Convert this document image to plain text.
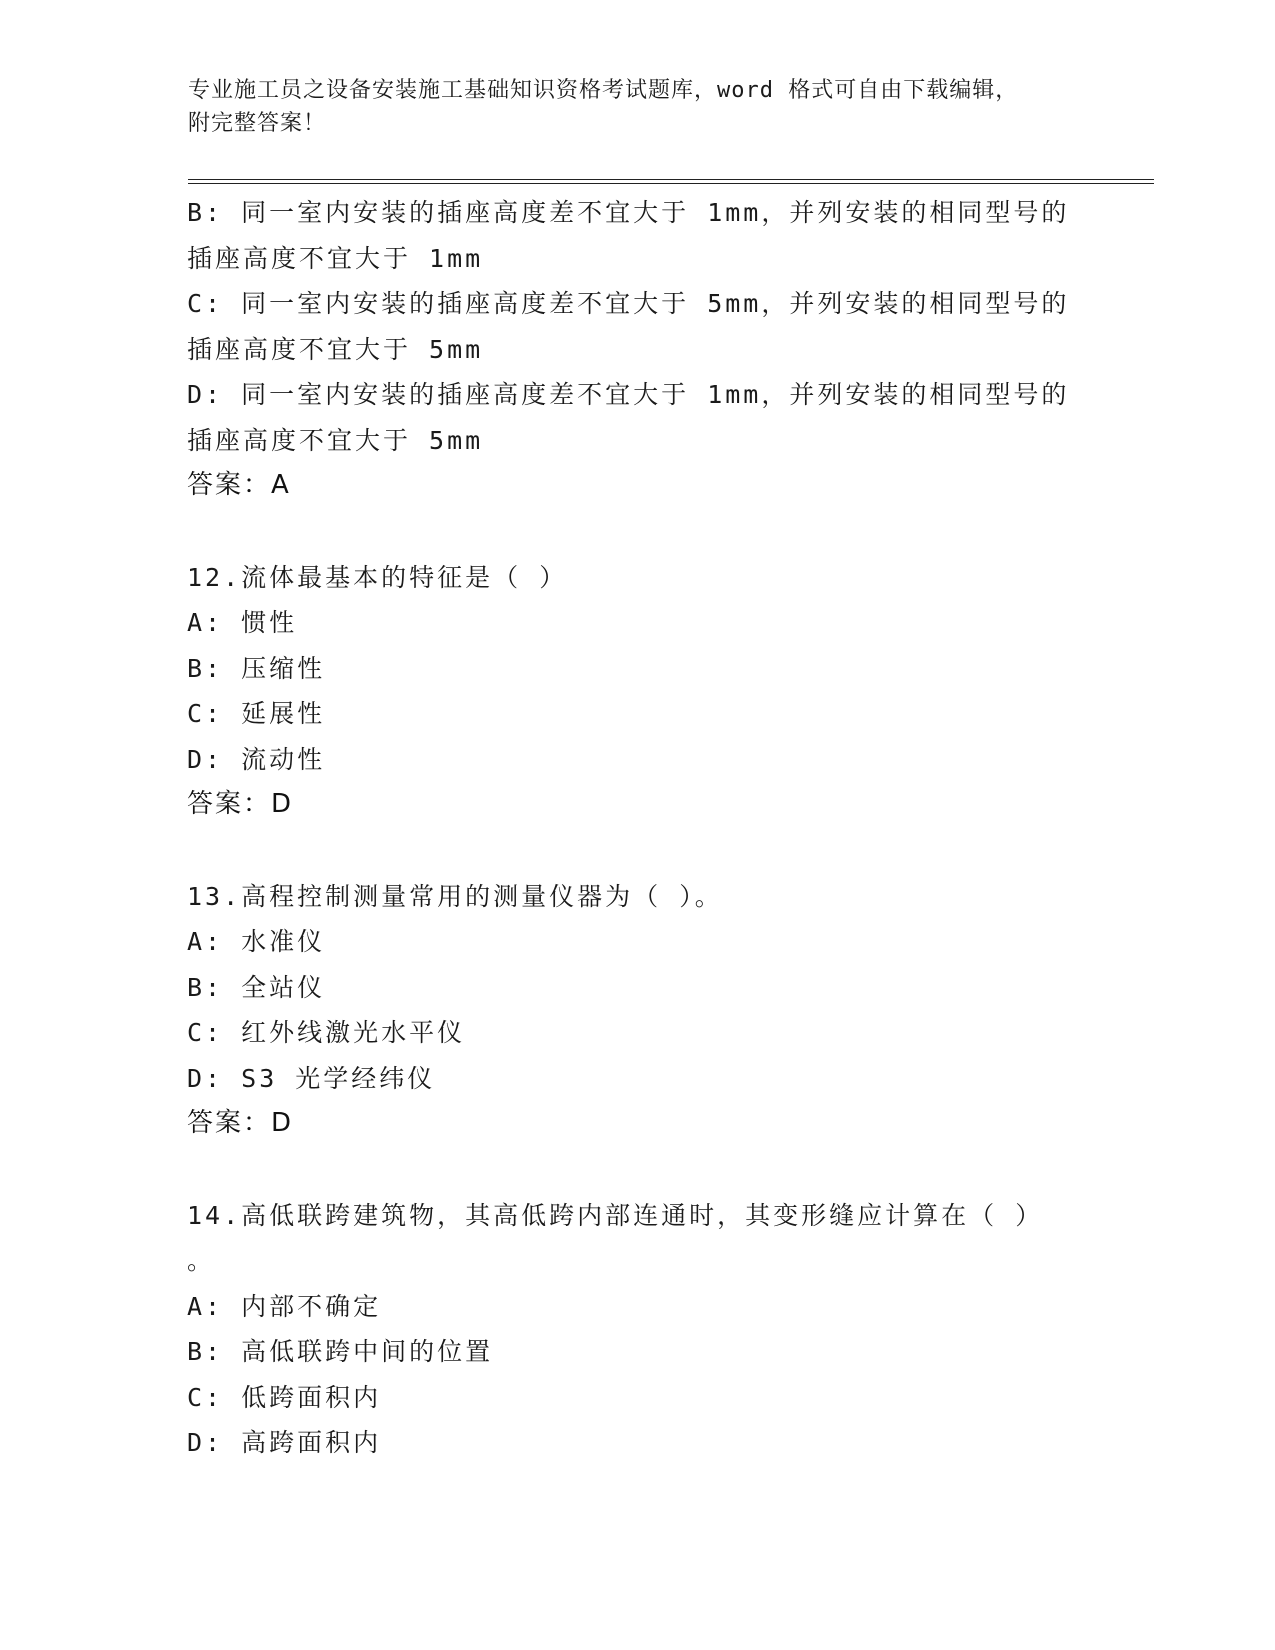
专业施工员之设备安装施工基础知识资格考试题库，word 格式可自由下载编辑，
附完整答案！
B: 同一室内安装的插座高度差不宜大于 1mm，并列安装的相同型号的
插座高度不宜大于 1mm
C: 同一室内安装的插座高度差不宜大于 5mm，并列安装的相同型号的
插座高度不宜大于 5mm
D: 同一室内安装的插座高度差不宜大于 1mm，并列安装的相同型号的
插座高度不宜大于 5mm
答案：A
12.流体最基本的特征是（ ）
A: 惯性
B: 压缩性
C: 延展性
D: 流动性
答案：D
13.高程控制测量常用的测量仪器为（ ）。
A: 水准仪
B: 全站仪
C: 红外线激光水平仪
D: S3 光学经纬仪
答案：D
14.高低联跨建筑物，其高低跨内部连通时，其变形缝应计算在（ ）
。
A: 内部不确定
B: 高低联跨中间的位置
C: 低跨面积内
D: 高跨面积内
